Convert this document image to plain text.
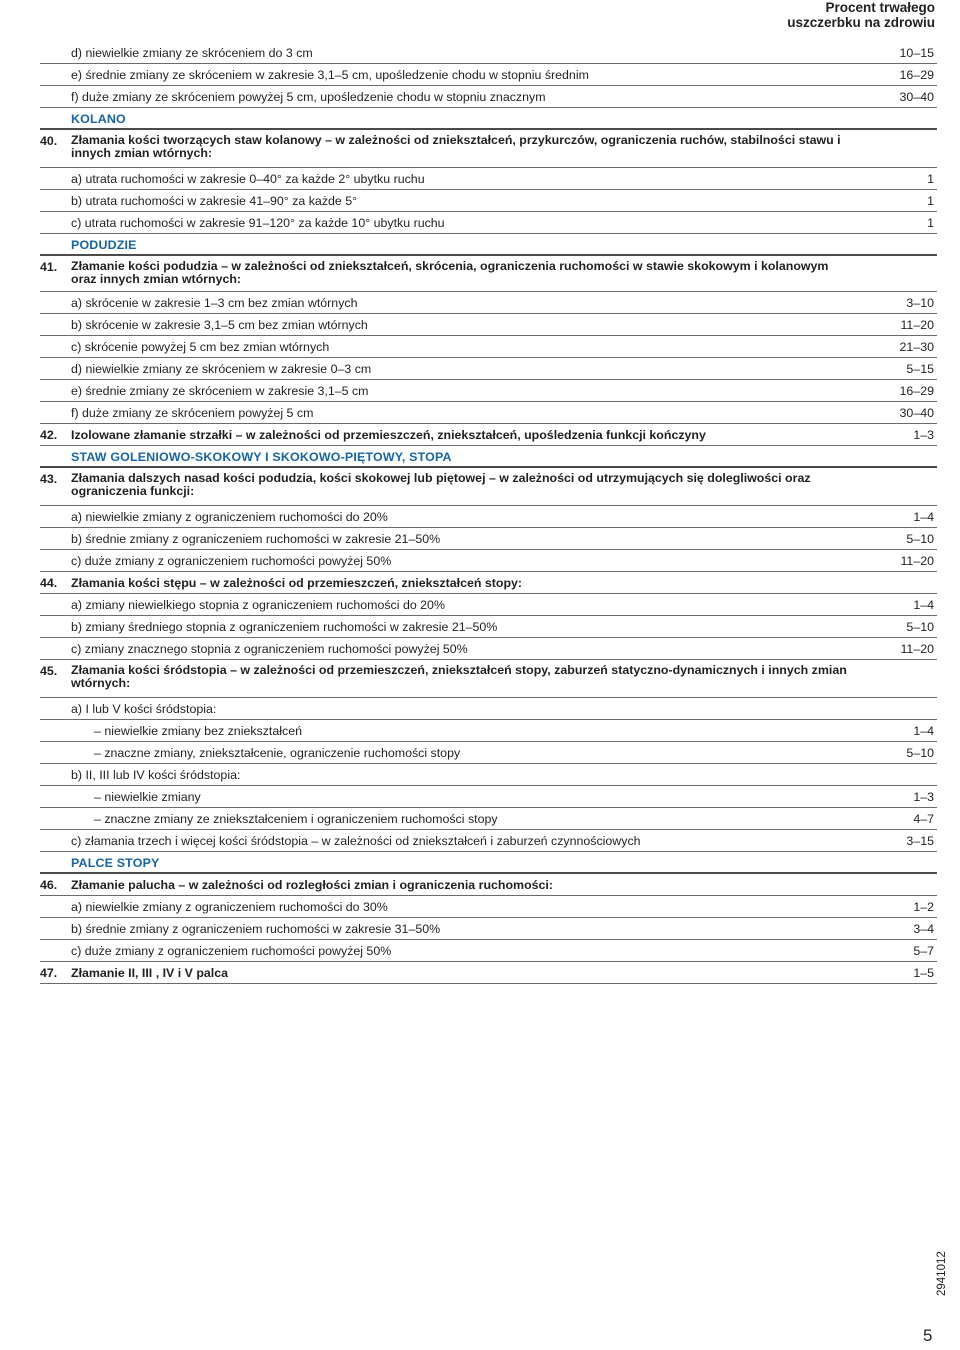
Procent trwałego
uszczerbku na zdrowiu
d) niewielkie zmiany ze skróceniem do 3 cm	10–15
e) średnie zmiany ze skróceniem w zakresie 3,1–5 cm, upośledzenie chodu w stopniu średnim	16–29
f) duże zmiany ze skróceniem powyżej 5 cm, upośledzenie chodu w stopniu znacznym	30–40
KOLANO
40.	Złamania kości tworzących staw kolanowy – w zależności od zniekształceń, przykurczów, ograniczenia ruchów, stabilności stawu i innych zmian wtórnych:
a) utrata ruchomości w zakresie 0–40° za każde 2° ubytku ruchu	1
b) utrata ruchomości w zakresie 41–90° za każde 5°	1
c) utrata ruchomości w zakresie 91–120° za każde 10° ubytku ruchu	1
PODUDZIE
41.	Złamanie kości podudzia – w zależności od zniekształceń, skrócenia, ograniczenia ruchomości w stawie skokowym i kolanowym oraz innych zmian wtórnych:
a) skrócenie w zakresie 1–3 cm bez zmian wtórnych	3–10
b) skrócenie w zakresie 3,1–5 cm bez zmian wtórnych	11–20
c) skrócenie powyżej 5 cm bez zmian wtórnych	21–30
d) niewielkie zmiany ze skróceniem w zakresie 0–3 cm	5–15
e) średnie zmiany ze skróceniem w zakresie 3,1–5 cm	16–29
f) duże zmiany ze skróceniem powyżej 5 cm	30–40
42.	Izolowane złamanie strzałki – w zależności od przemieszczeń, zniekształceń, upośledzenia funkcji kończyny	1–3
STAW GOLENIOWO-SKOKOWY I SKOKOWO-PIĘTOWY, STOPA
43.	Złamania dalszych nasad kości podudzia, kości skokowej lub piętowej – w zależności od utrzymujących się dolegliwości oraz ograniczenia funkcji:
a) niewielkie zmiany z ograniczeniem ruchomości do 20%	1–4
b) średnie zmiany z ograniczeniem ruchomości w zakresie 21–50%	5–10
c) duże zmiany z ograniczeniem ruchomości powyżej 50%	11–20
44.	Złamania kości stępu – w zależności od przemieszczeń, zniekształceń stopy:
a) zmiany niewielkiego stopnia z ograniczeniem ruchomości do 20%	1–4
b) zmiany średniego stopnia z ograniczeniem ruchomości w zakresie 21–50%	5–10
c) zmiany znacznego stopnia z ograniczeniem ruchomości powyżej 50%	11–20
45.	Złamania kości śródstopia – w zależności od przemieszczeń, zniekształceń stopy, zaburzeń statyczno-dynamicznych i innych zmian wtórnych:
a) I lub V kości śródstopia:
– niewielkie zmiany bez zniekształceń	1–4
– znaczne zmiany, zniekształcenie, ograniczenie ruchomości stopy	5–10
b) II, III lub IV kości śródstopia:
– niewielkie zmiany	1–3
– znaczne zmiany ze zniekształceniem i ograniczeniem ruchomości stopy	4–7
c) złamania trzech i więcej kości śródstopia – w zależności od zniekształceń i zaburzeń czynnościowych	3–15
PALCE STOPY
46.	Złamanie palucha – w zależności od rozległości zmian i ograniczenia ruchomości:
a) niewielkie zmiany z ograniczeniem ruchomości do 30%	1–2
b) średnie zmiany z ograniczeniem ruchomości w zakresie 31–50%	3–4
c) duże zmiany z ograniczeniem ruchomości powyżej 50%	5–7
47.	Złamanie II, III , IV i V palca	1–5
5
2941012
